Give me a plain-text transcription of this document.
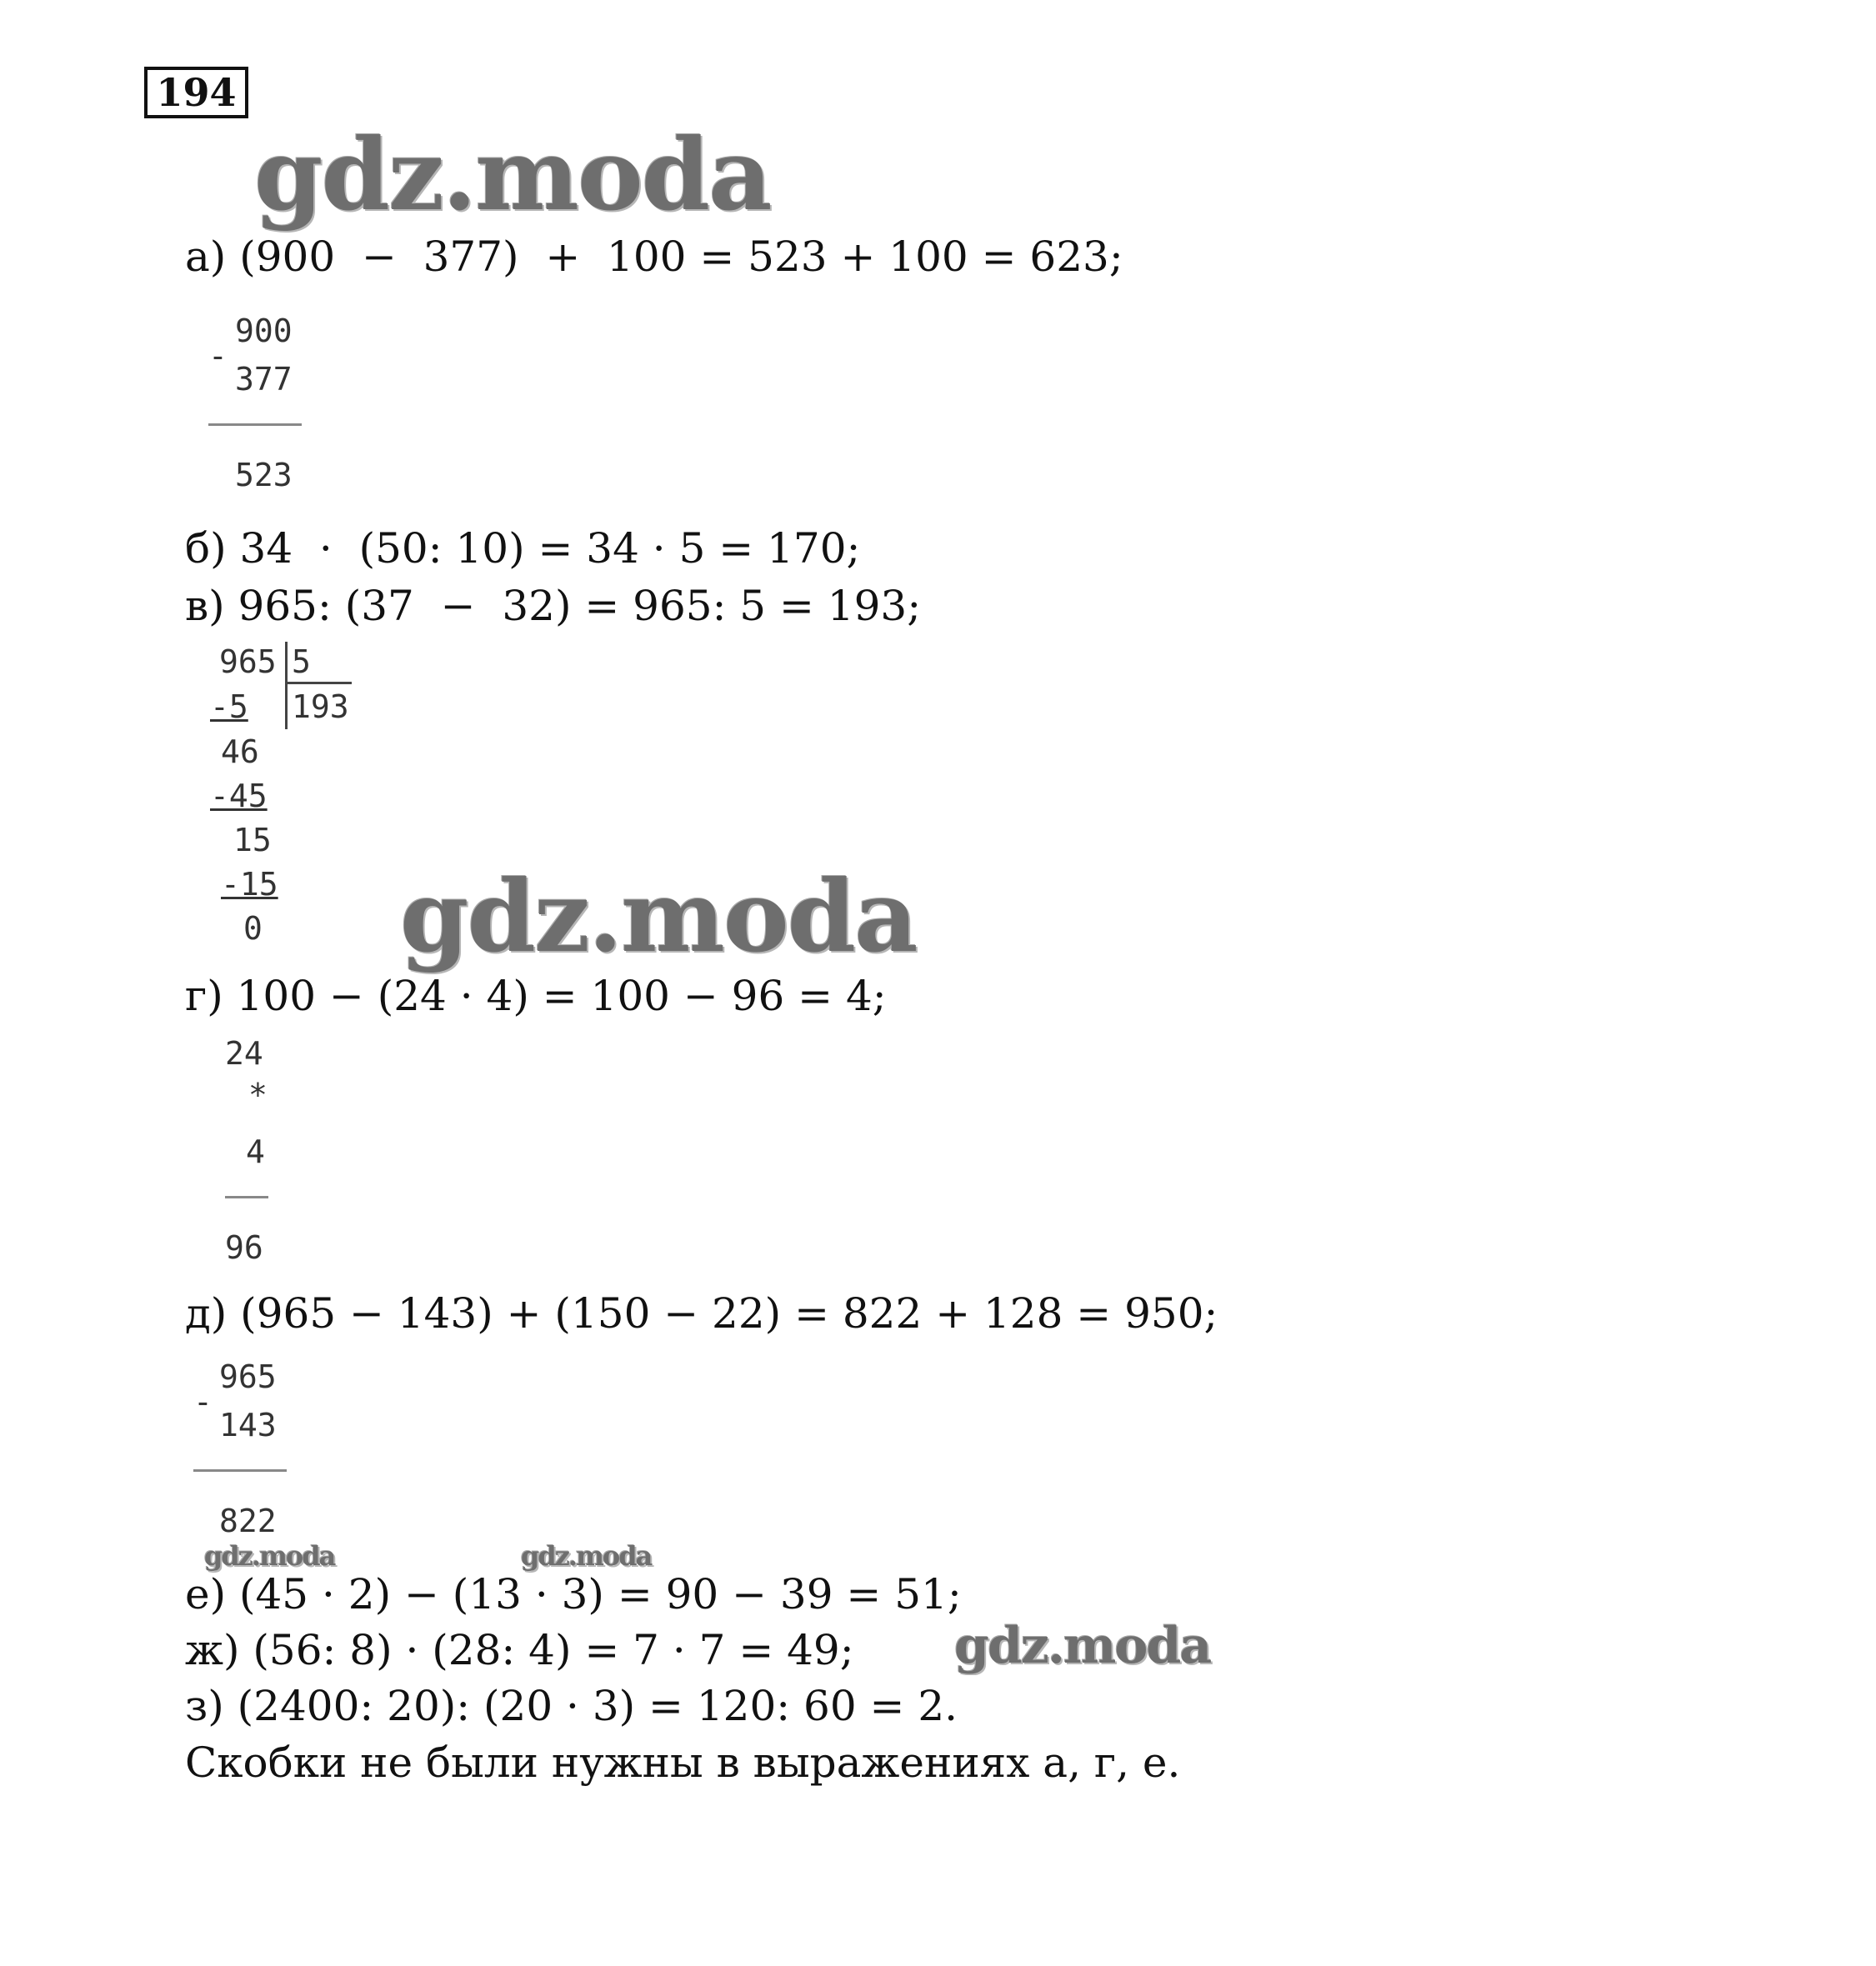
194
gdz.moda
gdz.moda
gdz.moda	gdz.moda
gdz.moda
а) (900  −  377)  +  100 = 523 + 100 = 623;
-
900
377
523
б) 34  ·  (50: 10) = 34 · 5 = 170;
в) 965: (37  −  32) = 965: 5 = 193;
965 5
193
-5
46
-45
15
-15
0
г) 100 − (24 · 4) = 100 − 96 = 4;
24
*
4
96
д) (965 − 143) + (150 − 22) = 822 + 128 = 950;
-
965
143
822
е) (45 · 2) − (13 · 3) = 90 − 39 = 51;
ж) (56: 8) · (28: 4) = 7 · 7 = 49;
з) (2400: 20): (20 · 3) = 120: 60 = 2.
Скобки не были нужны в выражениях а, г, е.
